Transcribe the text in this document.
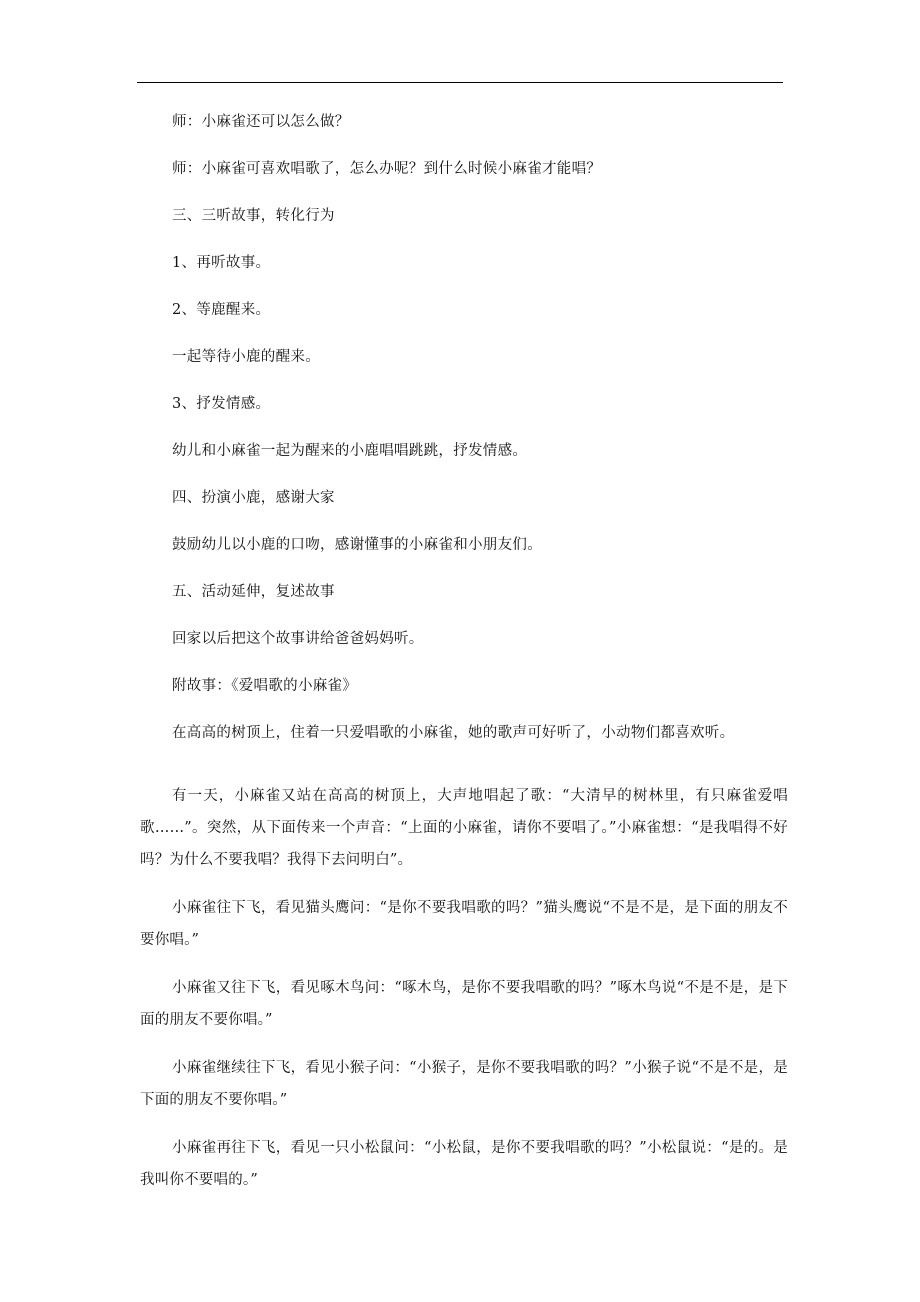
师：小麻雀还可以怎么做？

师：小麻雀可喜欢唱歌了，怎么办呢？到什么时候小麻雀才能唱？

三、三听故事，转化行为

1、再听故事。

2、等鹿醒来。

一起等待小鹿的醒来。

3、抒发情感。

幼儿和小麻雀一起为醒来的小鹿唱唱跳跳，抒发情感。

四、扮演小鹿，感谢大家

鼓励幼儿以小鹿的口吻，感谢懂事的小麻雀和小朋友们。

五、活动延伸，复述故事

回家以后把这个故事讲给爸爸妈妈听。

附故事：《爱唱歌的小麻雀》

在高高的树顶上，住着一只爱唱歌的小麻雀，她的歌声可好听了，小动物们都喜欢听。

有一天，小麻雀又站在高高的树顶上，大声地唱起了歌：“大清早的树林里，有只麻雀爱唱歌……”。突然，从下面传来一个声音：“上面的小麻雀，请你不要唱了。”小麻雀想：“是我唱得不好吗？为什么不要我唱？我得下去问明白”。

小麻雀往下飞，看见猫头鹰问：“是你不要我唱歌的吗？”猫头鹰说“不是不是，是下面的朋友不要你唱。”

小麻雀又往下飞，看见啄木鸟问：“啄木鸟，是你不要我唱歌的吗？”啄木鸟说“不是不是，是下面的朋友不要你唱。”

小麻雀继续往下飞，看见小猴子问：“小猴子，是你不要我唱歌的吗？”小猴子说“不是不是，是下面的朋友不要你唱。”

小麻雀再往下飞，看见一只小松鼠问：“小松鼠，是你不要我唱歌的吗？”小松鼠说：“是的。是我叫你不要唱的。”
